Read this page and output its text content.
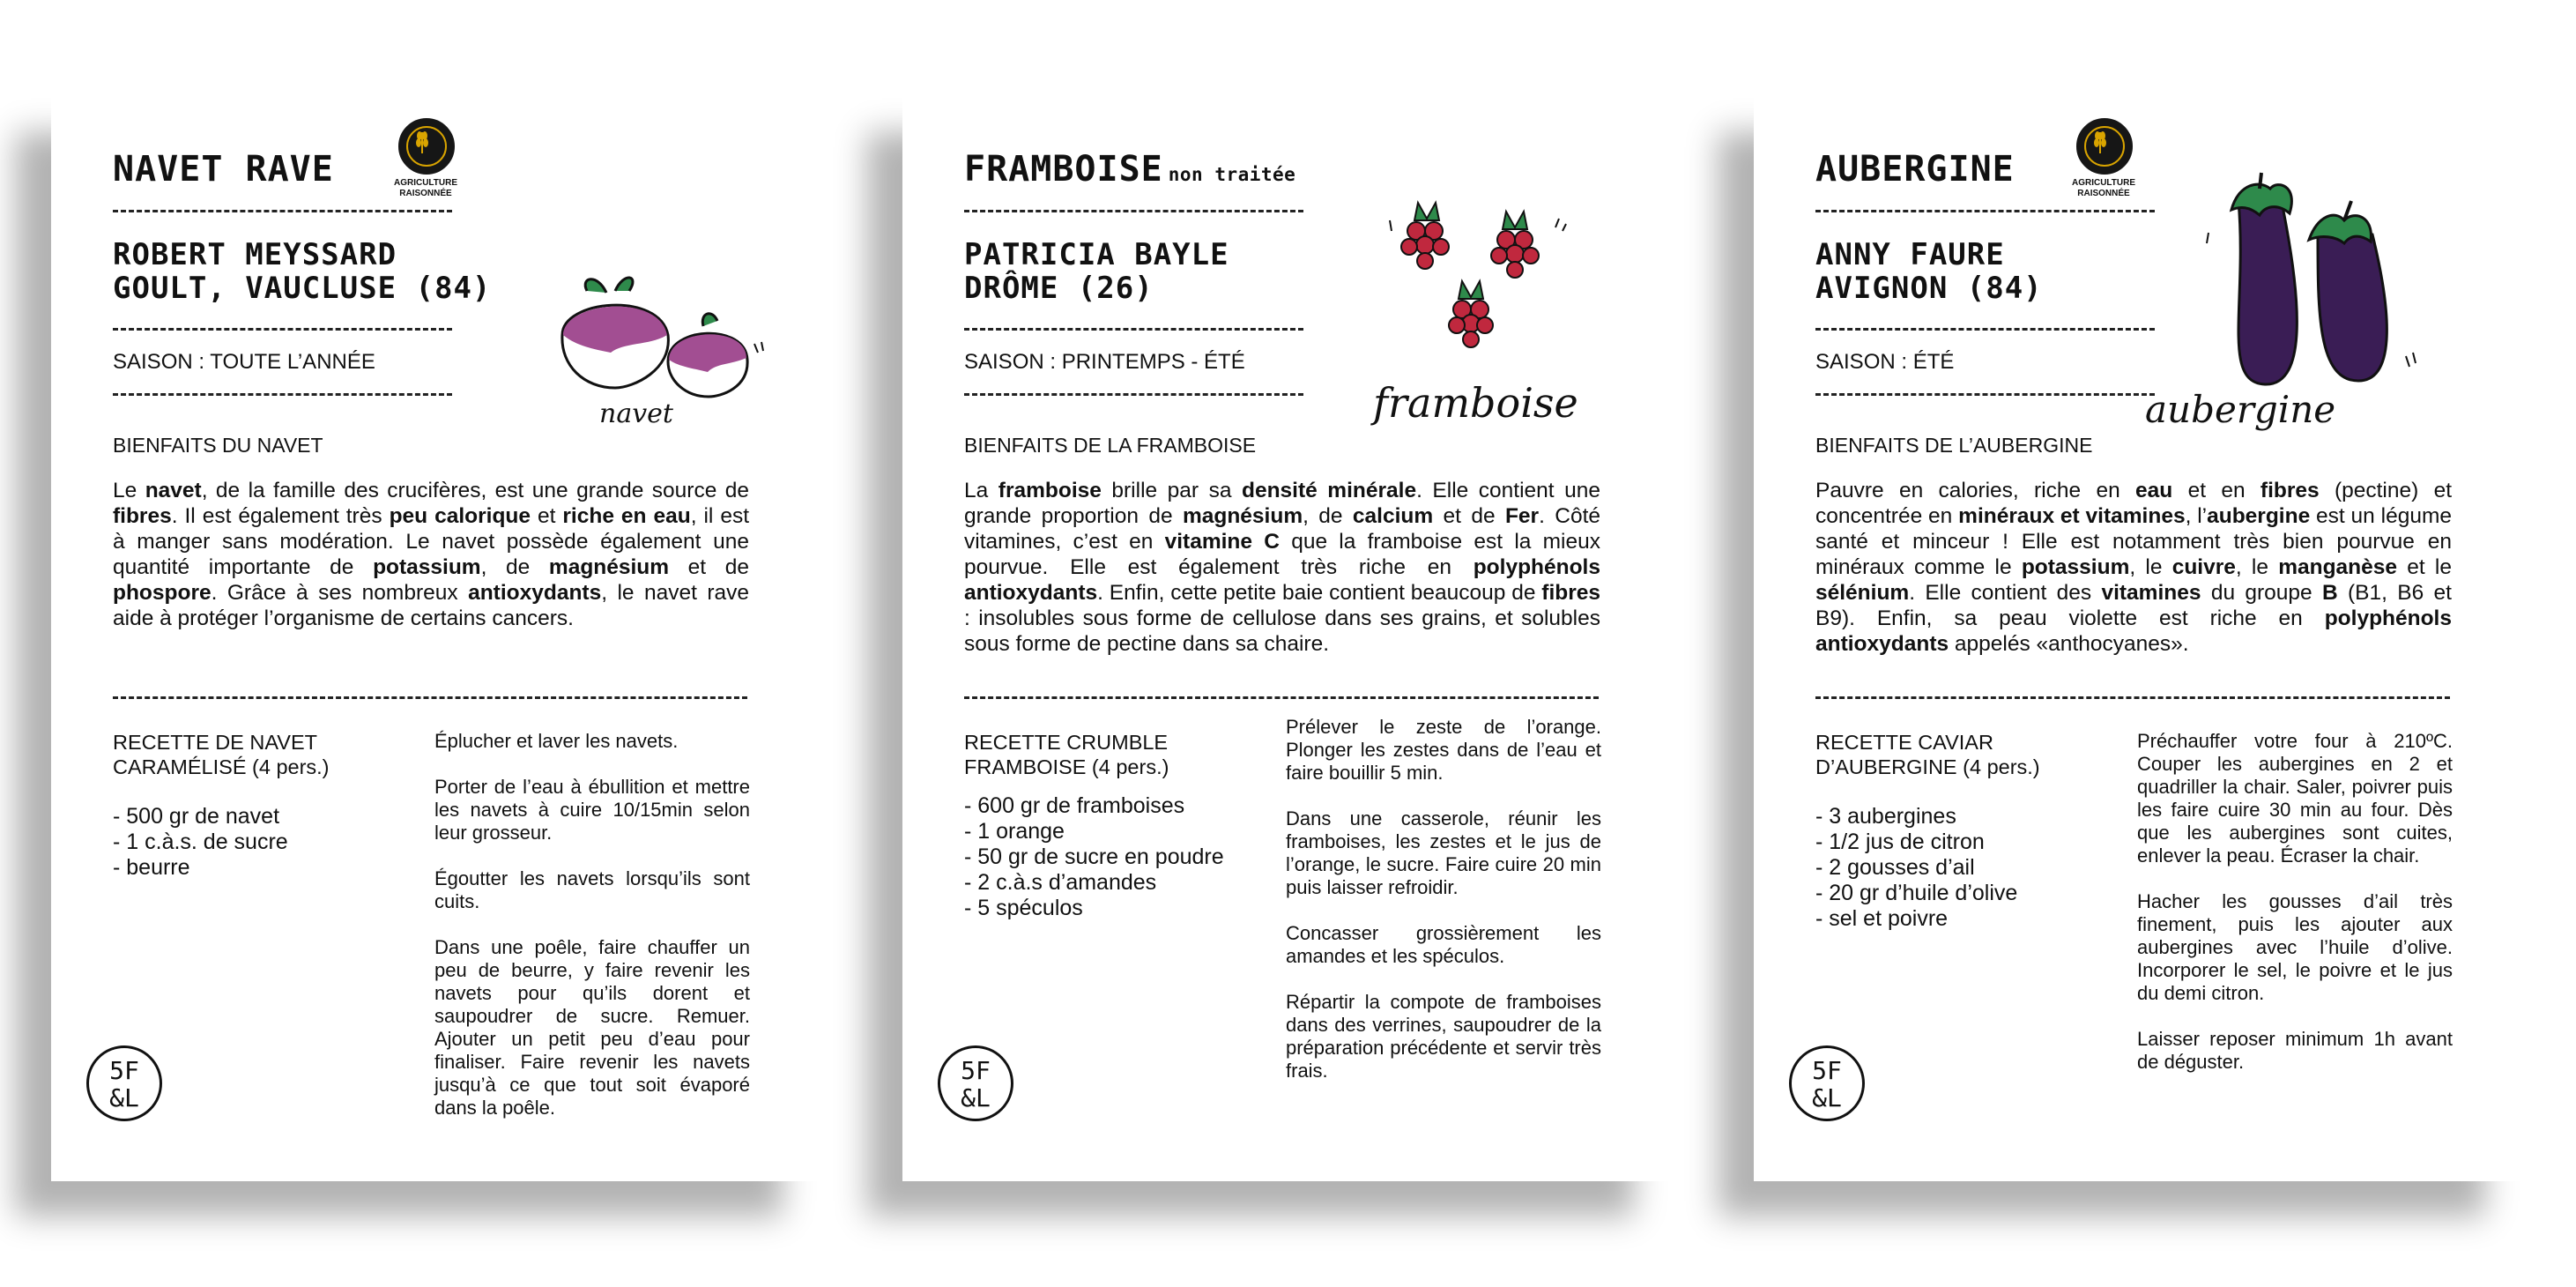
NAVET RAVE	AGRICULTURE RAISONNÉE
ROBERT MEYSSARD
GOULT, VAUCLUSE (84)
SAISON : TOUTE L’ANNÉE
navet
BIENFAITS DU NAVET
Le navet, de la famille des crucifères, est une grande source de fibres. Il est également très peu calorique et riche en eau, il est à manger sans modération. Le navet possède également une quantité importante de potassium, de magnésium et de phospore. Grâce à ses nombreux antioxydants, le navet rave aide à protéger l’organisme de certains cancers.
RECETTE DE NAVET CARAMÉLISÉ (4 pers.)
- 500 gr de navet
- 1 c.à.s. de sucre
- beurre

Éplucher et laver les navets.

Porter de l’eau à ébullition et mettre les navets à cuire 10/15min selon leur grosseur.

Égoutter les navets lorsqu’ils sont cuits.

Dans une poêle, faire chauffer un peu de beurre, y faire revenir les navets pour qu’ils dorent et saupoudrer de sucre. Remuer. Ajouter un petit peu d’eau pour finaliser. Faire revenir les navets jusqu’à ce que tout soit évaporé dans la poêle.

5F
&L
FRAMBOISE non traitée
PATRICIA BAYLE
DRÔME (26)
SAISON : PRINTEMPS - ÉTÉ
framboise
BIENFAITS DE LA FRAMBOISE
La framboise brille par sa densité minérale. Elle contient une grande proportion de magnésium, de calcium et de Fer. Côté vitamines, c’est en vitamine C que la framboise est la mieux pourvue. Elle est également très riche en polyphénols antioxydants. Enfin, cette petite baie contient beaucoup de fibres : insolubles sous forme de cellulose dans ses grains, et solubles sous forme de pectine dans sa chaire.
RECETTE CRUMBLE FRAMBOISE (4 pers.)
- 600 gr de framboises
- 1 orange
- 50 gr de sucre en poudre
- 2 c.à.s d’amandes
- 5 spéculos

Prélever le zeste de l’orange. Plonger les zestes dans de l’eau et faire bouillir 5 min.

Dans une casserole, réunir les framboises, les zestes et le jus de l’orange, le sucre. Faire cuire 20 min puis laisser refroidir.

Concasser grossièrement les amandes et les spéculos.

Répartir la compote de framboises dans des verrines, saupoudrer de la préparation précédente et servir très frais.

5F
&L
AUBERGINE	AGRICULTURE RAISONNÉE
ANNY FAURE
AVIGNON (84)
SAISON : ÉTÉ
aubergine
BIENFAITS DE L’AUBERGINE
Pauvre en calories, riche en eau et en fibres (pectine) et concentrée en minéraux et vitamines, l’aubergine est un légume santé et minceur ! Elle est notamment très bien pourvue en minéraux comme le potassium, le cuivre, le manganèse et le sélénium. Elle contient des vitamines du groupe B (B1, B6 et B9). Enfin, sa peau violette est riche en polyphénols antioxydants appelés «anthocyanes».
RECETTE CAVIAR D’AUBERGINE (4 pers.)
- 3 aubergines
- 1/2 jus de citron
- 2 gousses d’ail
- 20 gr d’huile d’olive
- sel et poivre

Préchauffer votre four à 210ºC. Couper les aubergines en 2 et quadriller la chair. Saler, poivrer puis les faire cuire 30 min au four. Dès que les aubergines sont cuites, enlever la peau. Écraser la chair.

Hacher les gousses d’ail très finement, puis les ajouter aux aubergines avec l’huile d’olive. Incorporer le sel, le poivre et le jus du demi citron.

Laisser reposer minimum 1h avant de déguster.

5F
&L
